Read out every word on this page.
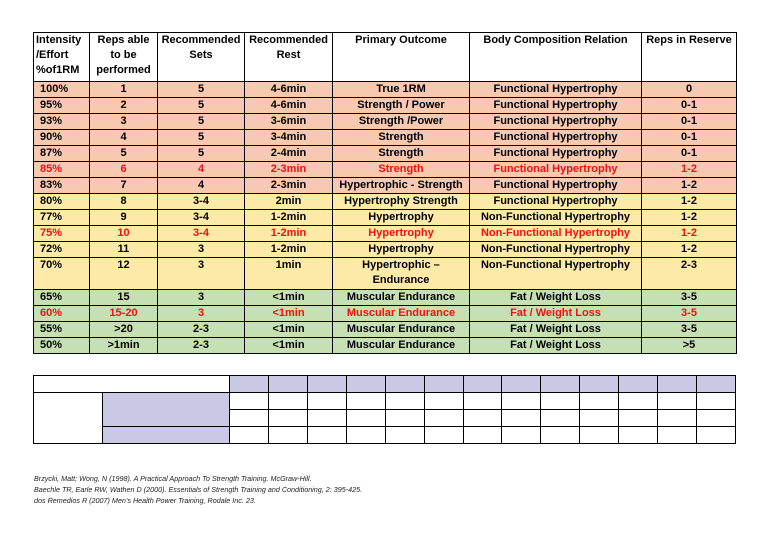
Intensity /Effort %of1RM	Reps able to be performed	Recommended Sets	Recommended Rest	Primary Outcome	Body Composition Relation	Reps in Reserve
100%	1	5	4-6min	True 1RM	Functional Hypertrophy	0
95%	2	5	4-6min	Strength / Power	Functional Hypertrophy	0-1
93%	3	5	3-6min	Strength /Power	Functional Hypertrophy	0-1
90%	4	5	3-4min	Strength	Functional Hypertrophy	0-1
87%	5	5	2-4min	Strength	Functional Hypertrophy	0-1
85%	6	4	2-3min	Strength	Functional Hypertrophy	1-2
83%	7	4	2-3min	Hypertrophic - Strength	Functional Hypertrophy	1-2
80%	8	3-4	2min	Hypertrophy Strength	Functional Hypertrophy	1-2
77%	9	3-4	1-2min	Hypertrophy	Non-Functional Hypertrophy	1-2
75%	10	3-4	1-2min	Hypertrophy	Non-Functional Hypertrophy	1-2
72%	11	3	1-2min	Hypertrophy	Non-Functional Hypertrophy	1-2
70%	12	3	1min	Hypertrophic – Endurance	Non-Functional Hypertrophy	2-3
65%	15	3	<1min	Muscular Endurance	Fat / Weight Loss	3-5
60%	15-20	3	<1min	Muscular Endurance	Fat / Weight Loss	3-5
55%	>20	2-3	<1min	Muscular Endurance	Fat / Weight Loss	3-5
50%	>1min	2-3	<1min	Muscular Endurance	Fat / Weight Loss	>5

Brzycki, Matt; Wong, N (1998). A Practical Approach To Strength Training. McGraw-Hill.
Baechle TR, Earle RW, Wathen D (2000). Essentials of Strength Training and Conditioning, 2: 395-425.
dos Remedios R (2007) Men’s Health Power Training, Rodale Inc. 23.
